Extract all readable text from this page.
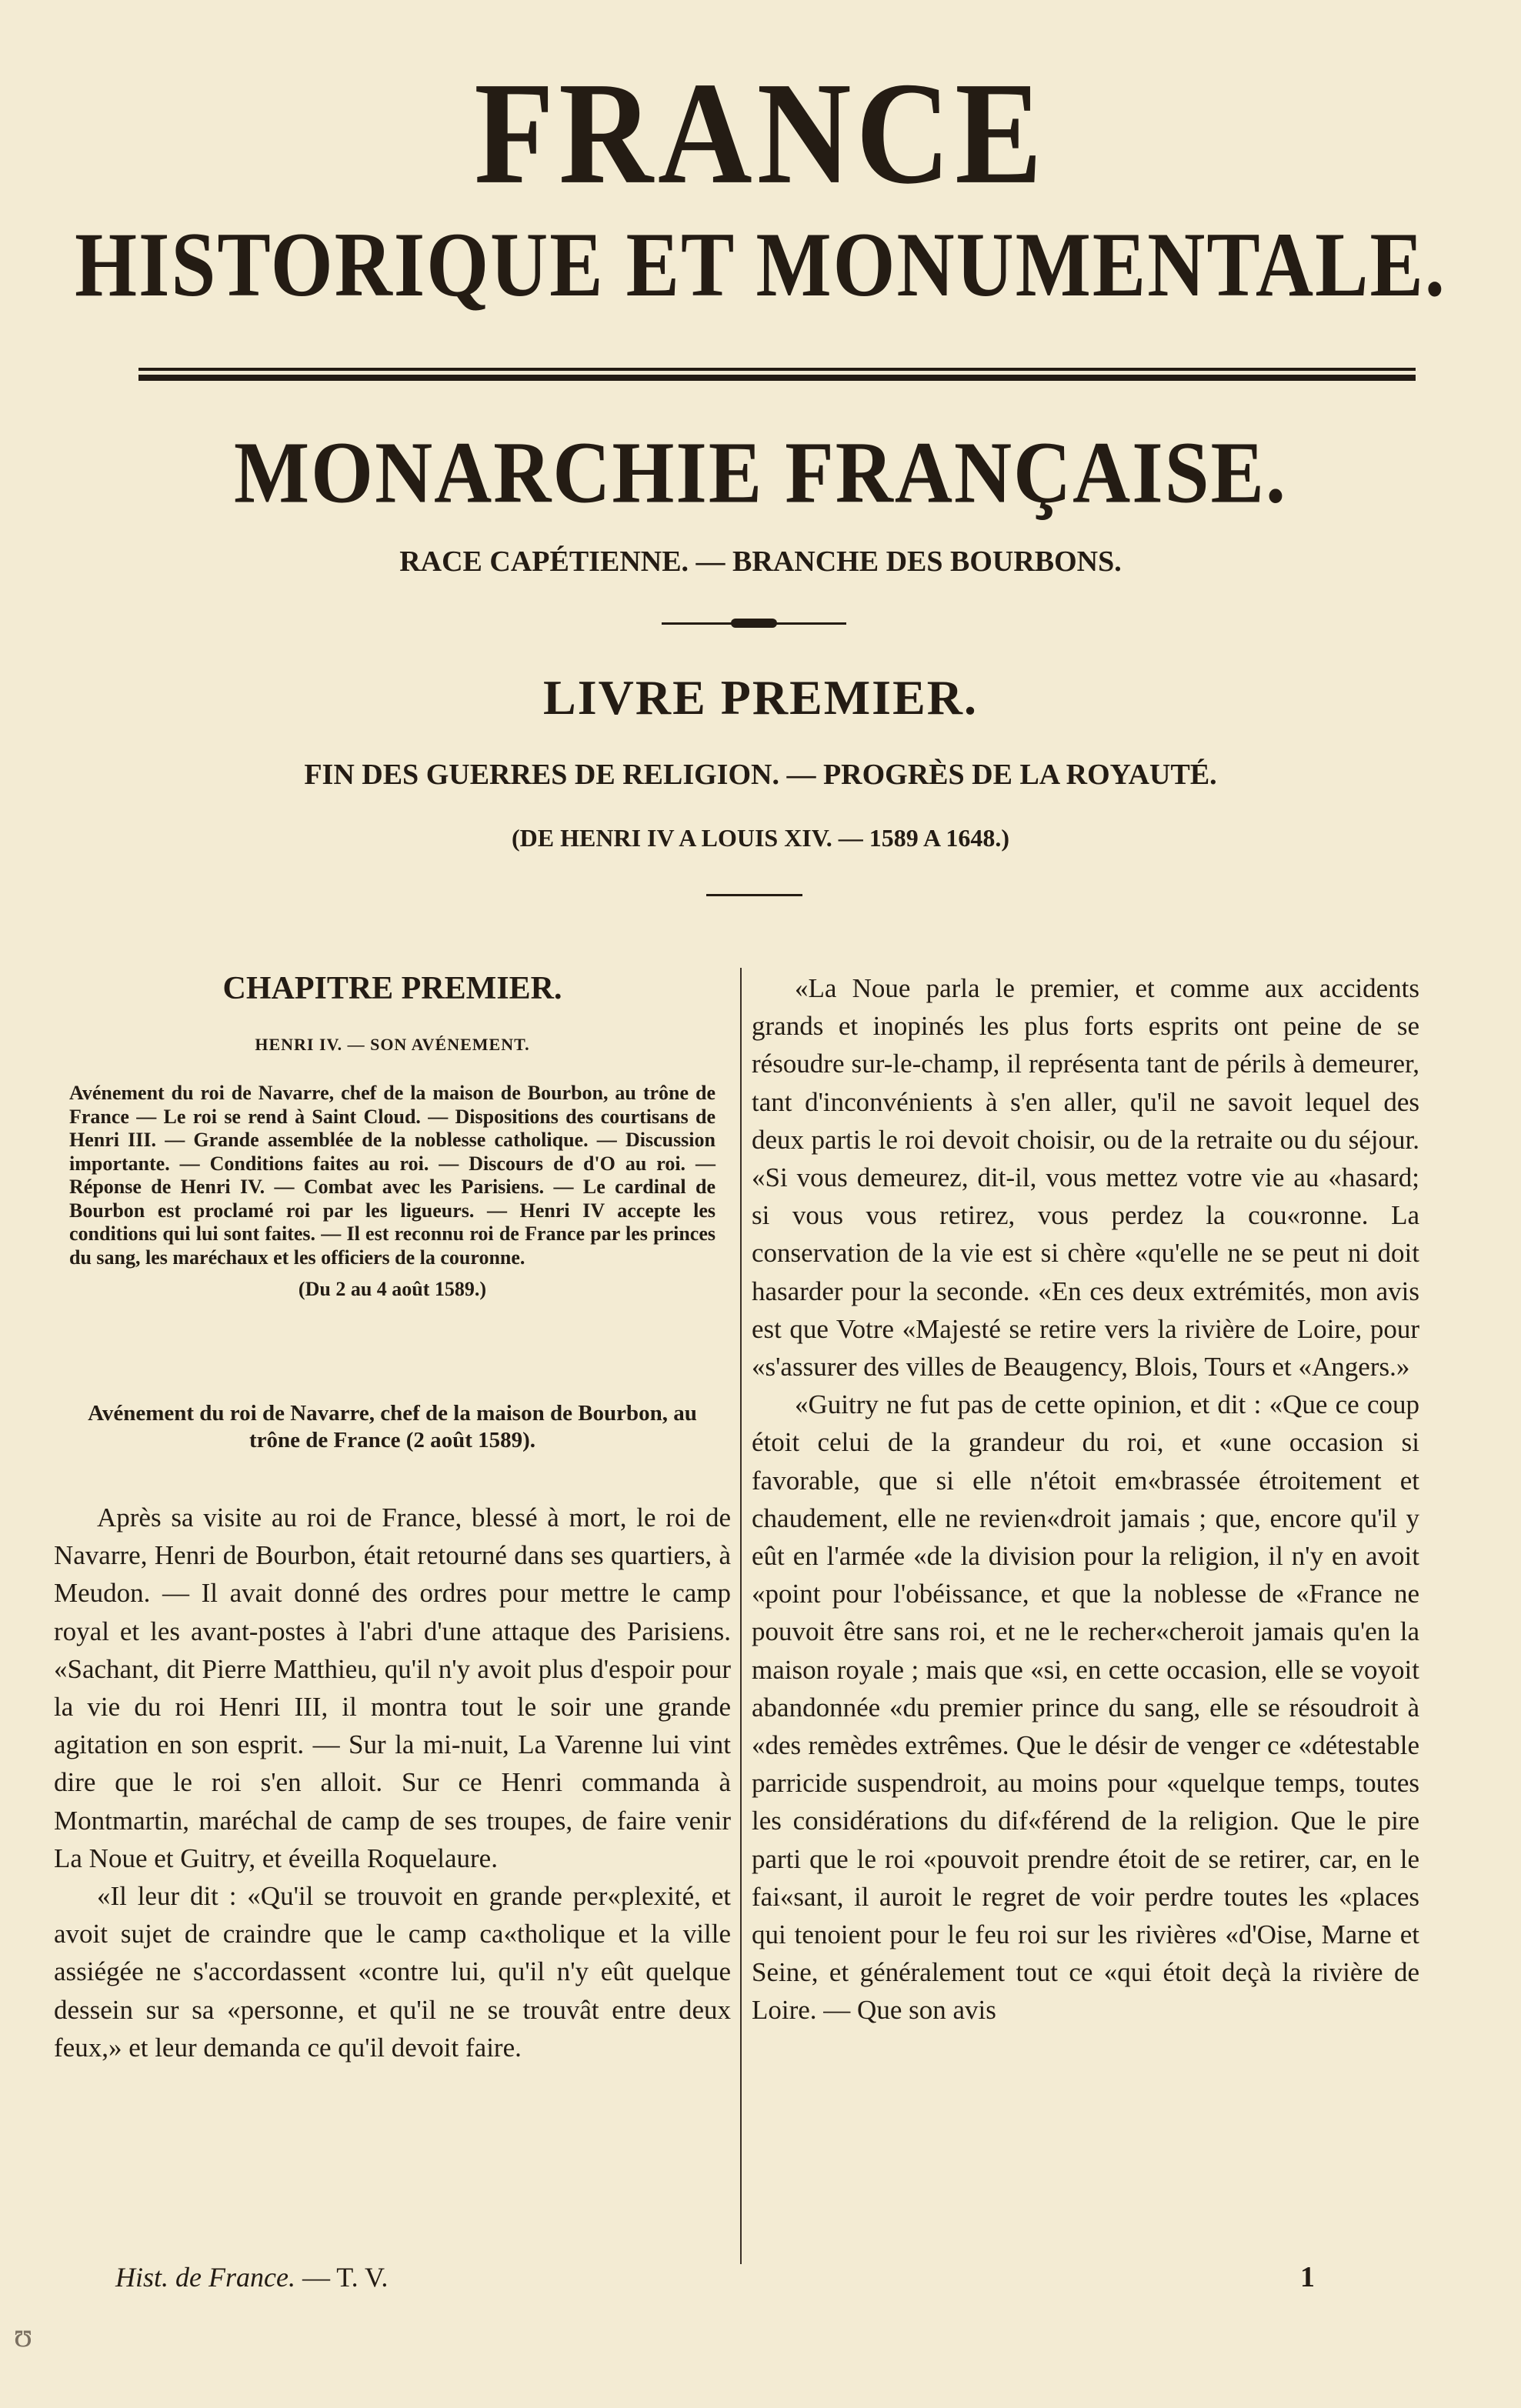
FRANCE
HISTORIQUE ET MONUMENTALE.
MONARCHIE FRANÇAISE.
RACE CAPÉTIENNE. — BRANCHE DES BOURBONS.
LIVRE PREMIER.
FIN DES GUERRES DE RELIGION. — PROGRÈS DE LA ROYAUTÉ.
(DE HENRI IV A LOUIS XIV. — 1589 A 1648.)
CHAPITRE PREMIER.
HENRI IV. — SON AVÉNEMENT.

Avénement du roi de Navarre, chef de la maison de Bourbon, au trône de France — Le roi se rend à Saint Cloud. — Dispositions des courtisans de Henri III. — Grande assemblée de la noblesse catholique. — Discussion importante. — Conditions faites au roi. — Discours de d'O au roi. — Réponse de Henri IV. — Combat avec les Parisiens. — Le cardinal de Bourbon est proclamé roi par les ligueurs. — Henri IV accepte les conditions qui lui sont faites. — Il est reconnu roi de France par les princes du sang, les maréchaux et les officiers de la couronne.

(Du 2 au 4 août 1589.)
Avénement du roi de Navarre, chef de la maison de Bourbon, au trône de France (2 août 1589).

Après sa visite au roi de France, blessé à mort, le roi de Navarre, Henri de Bourbon, était retourné dans ses quartiers, à Meudon. — Il avait donné des ordres pour mettre le camp royal et les avant-postes à l'abri d'une attaque des Parisiens. «Sachant, dit Pierre Matthieu, qu'il n'y avoit plus d'espoir pour la vie du roi Henri III, il montra tout le soir une grande agitation en son esprit. — Sur la mi-nuit, La Varenne lui vint dire que le roi s'en alloit. Sur ce Henri commanda à Montmartin, maréchal de camp de ses troupes, de faire venir La Noue et Guitry, et éveilla Roquelaure.

«Il leur dit : «Qu'il se trouvoit en grande per«plexité, et avoit sujet de craindre que le camp ca«tholique et la ville assiégée ne s'accordassent «contre lui, qu'il n'y eût quelque dessein sur sa «personne, et qu'il ne se trouvât entre deux feux,» et leur demanda ce qu'il devoit faire.

«La Noue parla le premier, et comme aux accidents grands et inopinés les plus forts esprits ont peine de se résoudre sur-le-champ, il représenta tant de périls à demeurer, tant d'inconvénients à s'en aller, qu'il ne savoit lequel des deux partis le roi devoit choisir, ou de la retraite ou du séjour. «Si vous demeurez, dit-il, vous mettez votre vie au «hasard; si vous vous retirez, vous perdez la cou«ronne. La conservation de la vie est si chère «qu'elle ne se peut ni doit hasarder pour la seconde. «En ces deux extrémités, mon avis est que Votre «Majesté se retire vers la rivière de Loire, pour «s'assurer des villes de Beaugency, Blois, Tours et «Angers.»

«Guitry ne fut pas de cette opinion, et dit : «Que ce coup étoit celui de la grandeur du roi, et «une occasion si favorable, que si elle n'étoit em«brassée étroitement et chaudement, elle ne revien«droit jamais ; que, encore qu'il y eût en l'armée «de la division pour la religion, il n'y en avoit «point pour l'obéissance, et que la noblesse de «France ne pouvoit être sans roi, et ne le recher«cheroit jamais qu'en la maison royale ; mais que «si, en cette occasion, elle se voyoit abandonnée «du premier prince du sang, elle se résoudroit à «des remèdes extrêmes. Que le désir de venger ce «détestable parricide suspendroit, au moins pour «quelque temps, toutes les considérations du dif«férend de la religion. Que le pire parti que le roi «pouvoit prendre étoit de se retirer, car, en le fai«sant, il auroit le regret de voir perdre toutes les «places qui tenoient pour le feu roi sur les rivières «d'Oise, Marne et Seine, et généralement tout ce «qui étoit deçà la rivière de Loire. — Que son avis

Hist. de France. — T. V.	1
ʊ
